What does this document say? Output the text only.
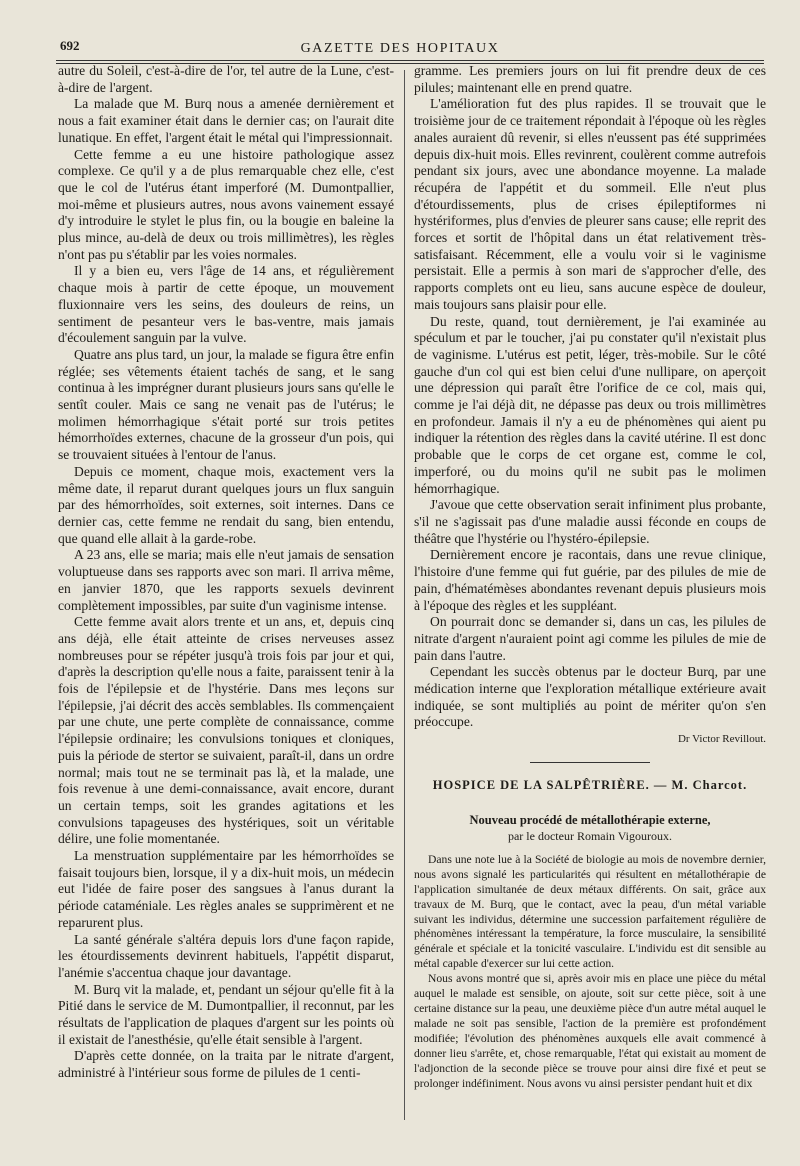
692	GAZETTE DES HOPITAUX

autre du Soleil, c'est-à-dire de l'or, tel autre de la Lune, c'est-à-dire de l'argent.

La malade que M. Burq nous a amenée dernièrement et nous a fait examiner était dans le dernier cas; on l'aurait dite lunatique. En effet, l'argent était le métal qui l'impressionnait.

Cette femme a eu une histoire pathologique assez complexe. Ce qu'il y a de plus remarquable chez elle, c'est que le col de l'utérus étant imperforé (M. Dumontpallier, moi-même et plusieurs autres, nous avons vainement essayé d'y introduire le stylet le plus fin, ou la bougie en baleine la plus mince, au-delà de deux ou trois millimètres), les règles n'ont pas pu s'établir par les voies normales.

Il y a bien eu, vers l'âge de 14 ans, et régulièrement chaque mois à partir de cette époque, un mouvement fluxionnaire vers les seins, des douleurs de reins, un sentiment de pesanteur vers le bas-ventre, mais jamais d'écoulement sanguin par la vulve.

Quatre ans plus tard, un jour, la malade se figura être enfin réglée; ses vêtements étaient tachés de sang, et le sang continua à les imprégner durant plusieurs jours sans qu'elle le sentît couler. Mais ce sang ne venait pas de l'utérus; le molimen hémorrhagique s'était porté sur trois petites hémorrhoïdes externes, chacune de la grosseur d'un pois, qui se trouvaient situées à l'entour de l'anus.

Depuis ce moment, chaque mois, exactement vers la même date, il reparut durant quelques jours un flux sanguin par des hémorrhoïdes, soit externes, soit internes. Dans ce dernier cas, cette femme ne rendait du sang, bien entendu, que quand elle allait à la garde-robe.

A 23 ans, elle se maria; mais elle n'eut jamais de sensation voluptueuse dans ses rapports avec son mari. Il arriva même, en janvier 1870, que les rapports sexuels devinrent complètement impossibles, par suite d'un vaginisme intense.

Cette femme avait alors trente et un ans, et, depuis cinq ans déjà, elle était atteinte de crises nerveuses assez nombreuses pour se répéter jusqu'à trois fois par jour et qui, d'après la description qu'elle nous a faite, paraissent tenir à la fois de l'épilepsie et de l'hystérie. Dans mes leçons sur l'épilepsie, j'ai décrit des accès semblables. Ils commençaient par une chute, une perte complète de connaissance, comme l'épilepsie ordinaire; les convulsions toniques et cloniques, puis la période de stertor se suivaient, paraît-il, dans un ordre normal; mais tout ne se terminait pas là, et la malade, une fois revenue à une demi-connaissance, avait encore, durant un certain temps, soit les grandes agitations et les convulsions tapageuses des hystériques, soit un véritable délire, une folie momentanée.

La menstruation supplémentaire par les hémorrhoïdes se faisait toujours bien, lorsque, il y a dix-huit mois, un médecin eut l'idée de faire poser des sangsues à l'anus durant la période cataméniale. Les règles anales se supprimèrent et ne reparurent plus.

La santé générale s'altéra depuis lors d'une façon rapide, les étourdissements devinrent habituels, l'appétit disparut, l'anémie s'accentua chaque jour davantage.

M. Burq vit la malade, et, pendant un séjour qu'elle fit à la Pitié dans le service de M. Dumontpallier, il reconnut, par les résultats de l'application de plaques d'argent sur les points où il existait de l'anesthésie, qu'elle était sensible à l'argent.

D'après cette donnée, on la traita par le nitrate d'argent, administré à l'intérieur sous forme de pilules de 1 centi-

gramme. Les premiers jours on lui fit prendre deux de ces pilules; maintenant elle en prend quatre.

L'amélioration fut des plus rapides. Il se trouvait que le troisième jour de ce traitement répondait à l'époque où les règles anales auraient dû revenir, si elles n'eussent pas été supprimées depuis dix-huit mois. Elles revinrent, coulèrent comme autrefois pendant six jours, avec une abondance moyenne. La malade récupéra de l'appétit et du sommeil. Elle n'eut plus d'étourdissements, plus de crises épileptiformes ni hystériformes, plus d'envies de pleurer sans cause; elle reprit des forces et sortit de l'hôpital dans un état relativement très-satisfaisant. Récemment, elle a voulu voir si le vaginisme persistait. Elle a permis à son mari de s'approcher d'elle, des rapports complets ont eu lieu, sans aucune espèce de douleur, mais toujours sans plaisir pour elle.

Du reste, quand, tout dernièrement, je l'ai examinée au spéculum et par le toucher, j'ai pu constater qu'il n'existait plus de vaginisme. L'utérus est petit, léger, très-mobile. Sur le côté gauche d'un col qui est bien celui d'une nullipare, on aperçoit une dépression qui paraît être l'orifice de ce col, mais qui, comme je l'ai déjà dit, ne dépasse pas deux ou trois millimètres en profondeur. Jamais il n'y a eu de phénomènes qui aient pu indiquer la rétention des règles dans la cavité utérine. Il est donc probable que le corps de cet organe est, comme le col, imperforé, ou du moins qu'il ne subit pas le molimen hémorrhagique.

J'avoue que cette observation serait infiniment plus probante, s'il ne s'agissait pas d'une maladie aussi féconde en coups de théâtre que l'hystérie ou l'hystéro-épilepsie.

Dernièrement encore je racontais, dans une revue clinique, l'histoire d'une femme qui fut guérie, par des pilules de mie de pain, d'hématémèses abondantes revenant depuis plusieurs mois à l'époque des règles et les suppléant.

On pourrait donc se demander si, dans un cas, les pilules de nitrate d'argent n'auraient point agi comme les pilules de mie de pain dans l'autre.

Cependant les succès obtenus par le docteur Burq, par une médication interne que l'exploration métallique extérieure avait indiquée, se sont multipliés au point de mériter qu'on s'en préoccupe.

Dr Victor Revillout.
HOSPICE DE LA SALPÊTRIÈRE. — M. Charcot.
Nouveau procédé de métallothérapie externe,
par le docteur Romain Vigouroux.

Dans une note lue à la Société de biologie au mois de novembre dernier, nous avons signalé les particularités qui résultent en métallothérapie de l'application simultanée de deux métaux différents. On sait, grâce aux travaux de M. Burq, que le contact, avec la peau, d'un métal variable suivant les individus, détermine une succession parfaitement régulière de phénomènes intéressant la température, la force musculaire, la sensibilité générale et spéciale et la tonicité vasculaire. L'individu est dit sensible au métal capable d'exercer sur lui cette action.

Nous avons montré que si, après avoir mis en place une pièce du métal auquel le malade est sensible, on ajoute, soit sur cette pièce, soit à une certaine distance sur la peau, une deuxième pièce d'un autre métal auquel le malade ne soit pas sensible, l'action de la première est profondément modifiée; l'évolution des phénomènes auxquels elle avait commencé à donner lieu s'arrête, et, chose remarquable, l'état qui existait au moment de l'adjonction de la seconde pièce se trouve pour ainsi dire fixé et peut se prolonger indéfiniment. Nous avons vu ainsi persister pendant huit et dix
